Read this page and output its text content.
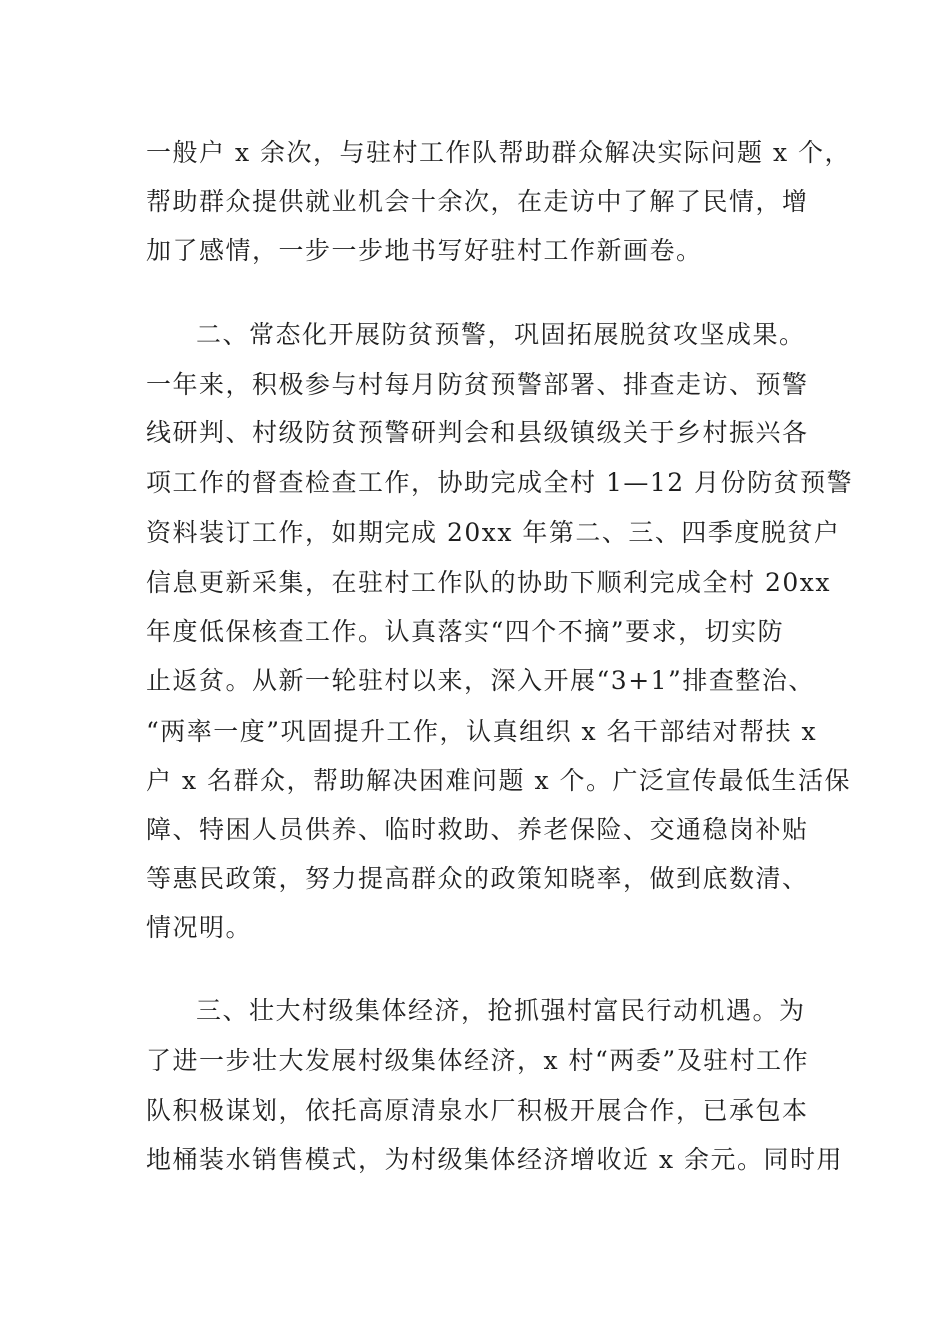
一般户 x 余次，与驻村工作队帮助群众解决实际问题 x 个，
帮助群众提供就业机会十余次，在走访中了解了民情，增
加了感情，一步一步地书写好驻村工作新画卷。
二、常态化开展防贫预警，巩固拓展脱贫攻坚成果。
一年来，积极参与村每月防贫预警部署、排查走访、预警
线研判、村级防贫预警研判会和县级镇级关于乡村振兴各
项工作的督查检查工作，协助完成全村 1—12 月份防贫预警
资料装订工作，如期完成 20xx 年第二、三、四季度脱贫户
信息更新采集，在驻村工作队的协助下顺利完成全村 20xx
年度低保核查工作。认真落实“四个不摘”要求，切实防
止返贫。从新一轮驻村以来，深入开展“3+1”排查整治、
“两率一度”巩固提升工作，认真组织 x 名干部结对帮扶 x
户 x 名群众，帮助解决困难问题 x 个。广泛宣传最低生活保
障、特困人员供养、临时救助、养老保险、交通稳岗补贴
等惠民政策，努力提高群众的政策知晓率，做到底数清、
情况明。
三、壮大村级集体经济，抢抓强村富民行动机遇。为
了进一步壮大发展村级集体经济，x 村“两委”及驻村工作
队积极谋划，依托高原清泉水厂积极开展合作，已承包本
地桶装水销售模式，为村级集体经济增收近 x 余元。同时用
